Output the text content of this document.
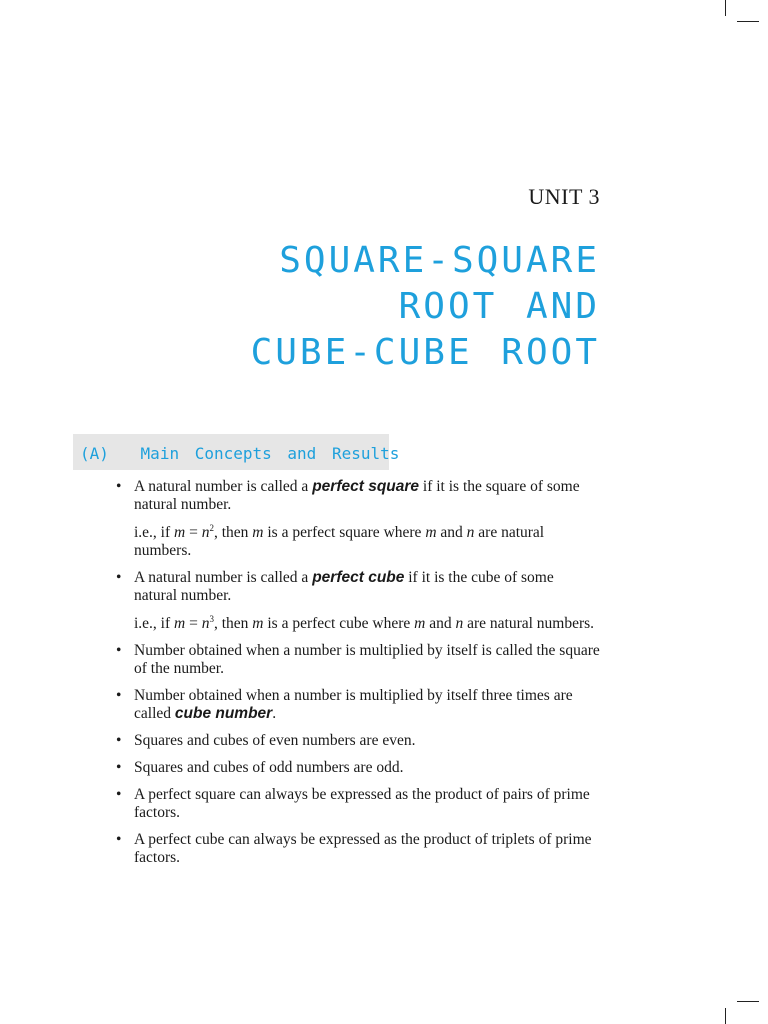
UNIT 3
SQUARE-SQUARE
ROOT AND
CUBE-CUBE ROOT
(A) Main Concepts and Results
• A natural number is called a perfect square if it is the square of some natural number.
i.e., if $m = n^2$, then m is a perfect square where m and n are natural numbers.
• A natural number is called a perfect cube if it is the cube of some natural number.
i.e., if $m = n^3$, then m is a perfect cube where m and n are natural numbers.
• Number obtained when a number is multiplied by itself is called the square of the number.
• Number obtained when a number is multiplied by itself three times are called cube number.
• Squares and cubes of even numbers are even.
• Squares and cubes of odd numbers are odd.
• A perfect square can always be expressed as the product of pairs of prime factors.
• A perfect cube can always be expressed as the product of triplets of prime factors.
